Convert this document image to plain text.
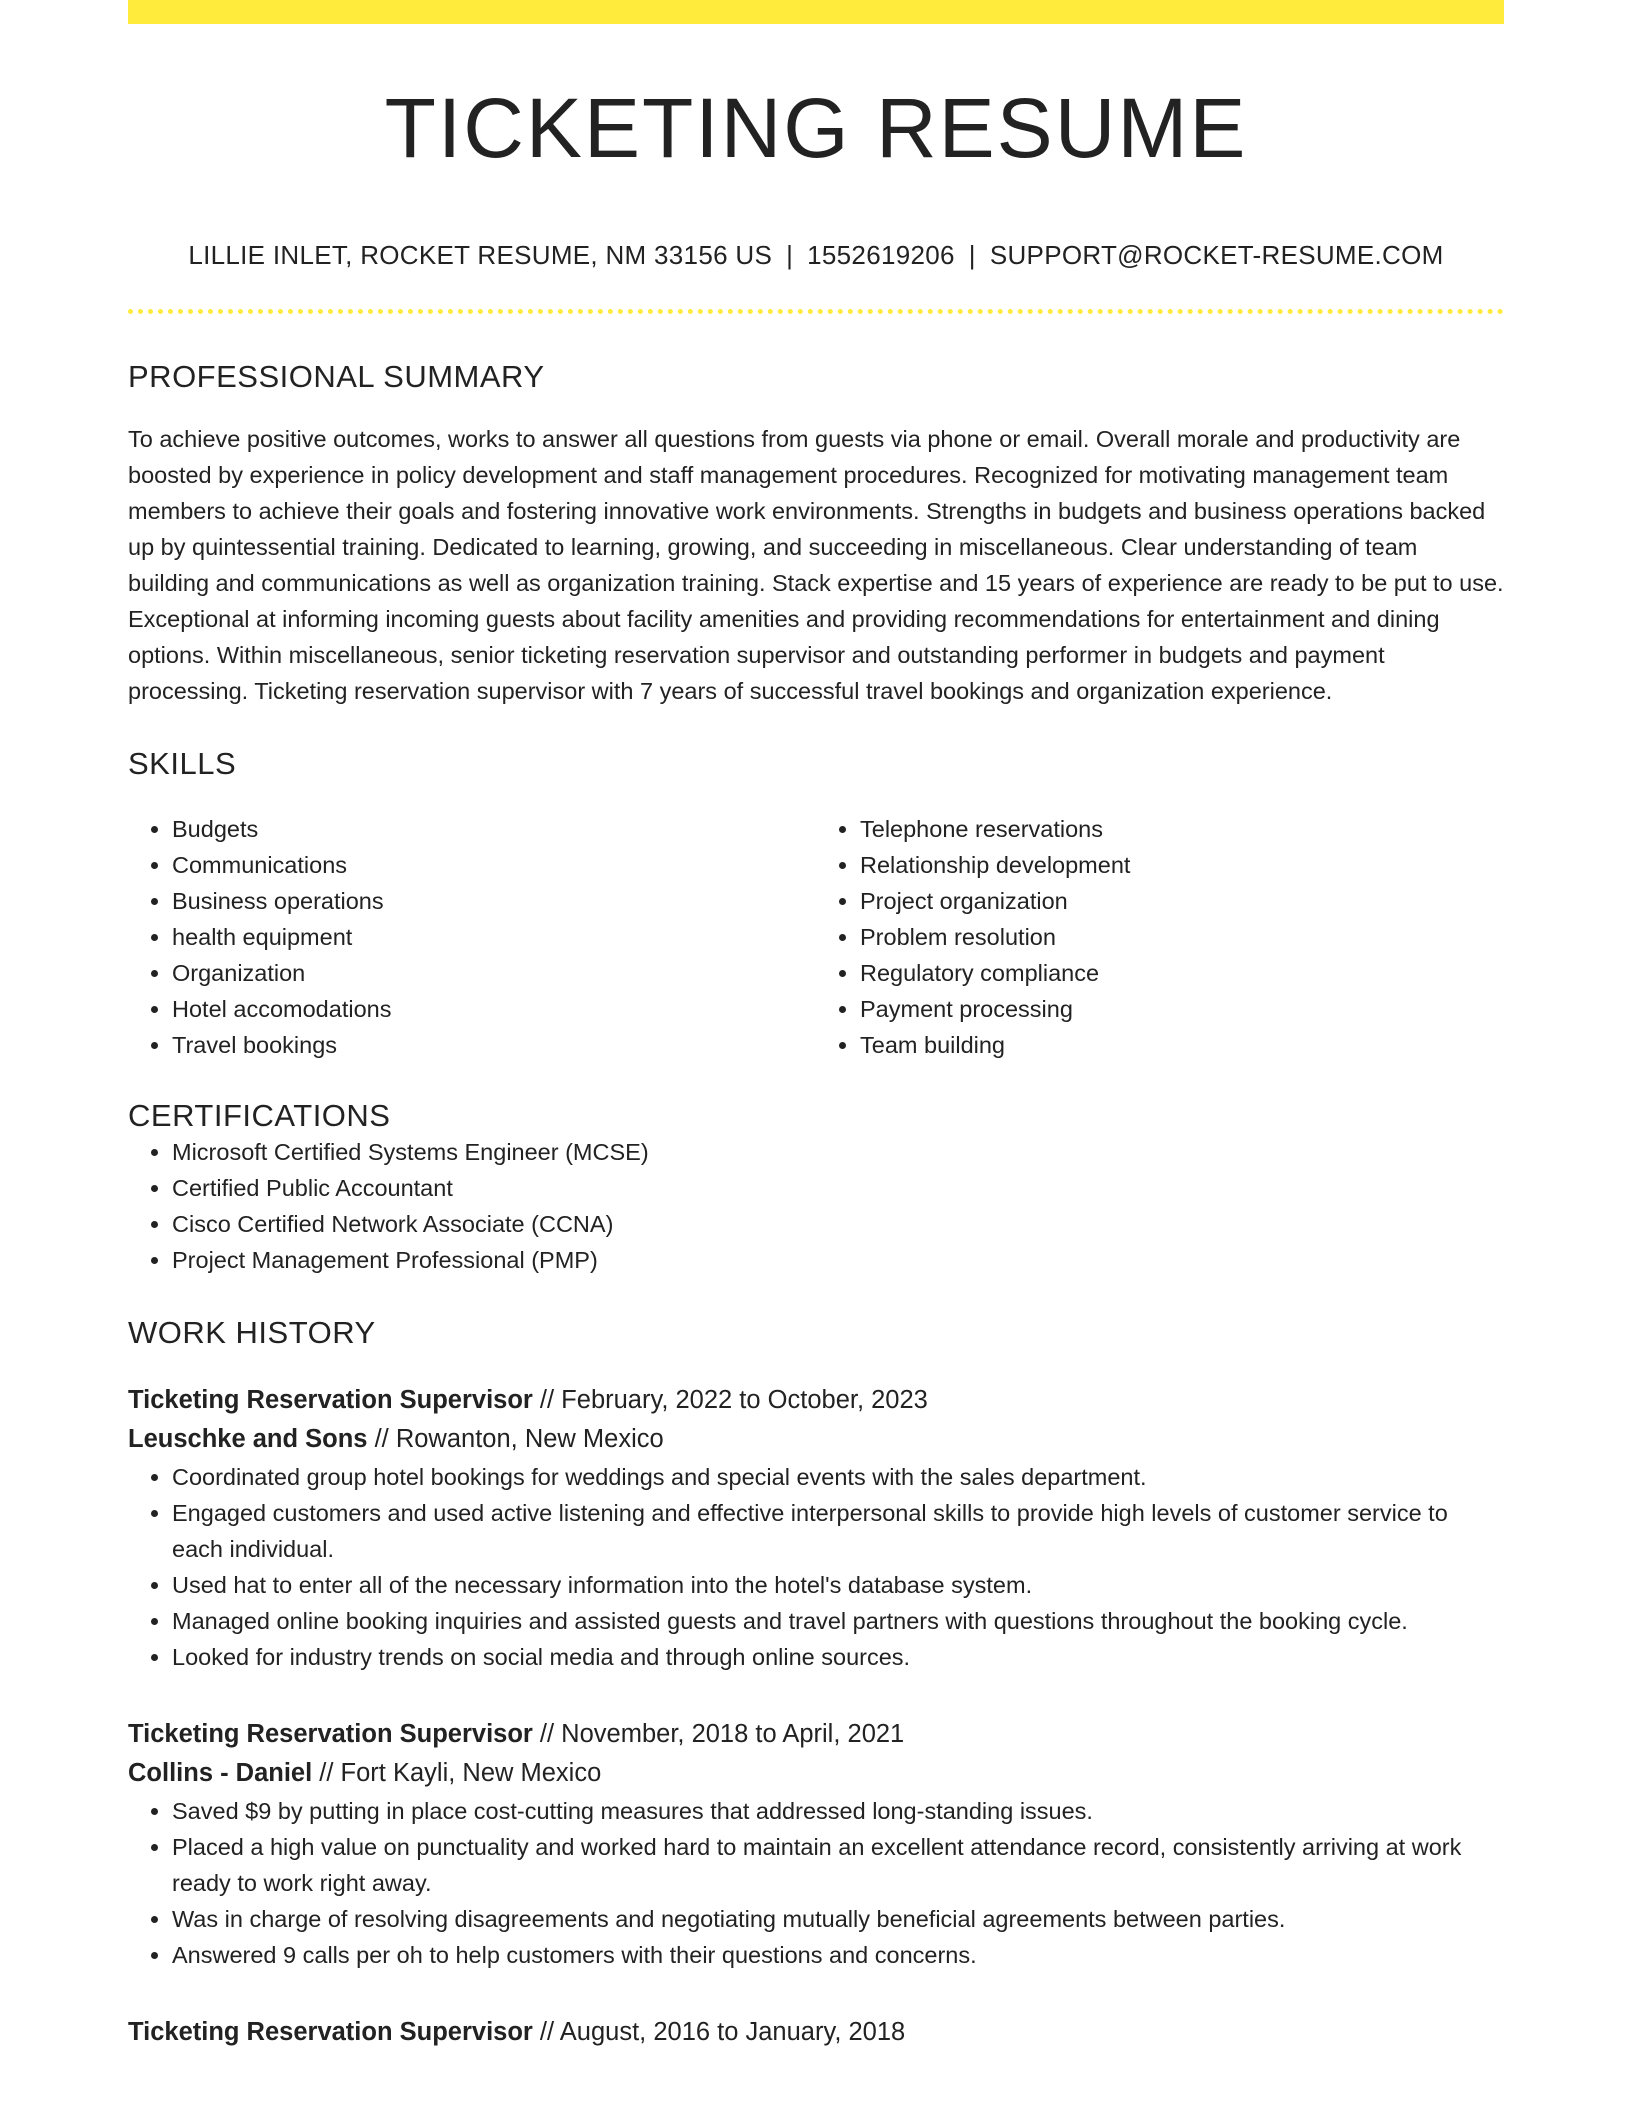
TICKETING RESUME
LILLIE INLET, ROCKET RESUME, NM 33156 US | 1552619206 | SUPPORT@ROCKET-RESUME.COM
PROFESSIONAL SUMMARY

To achieve positive outcomes, works to answer all questions from guests via phone or email. Overall morale and productivity are boosted by experience in policy development and staff management procedures. Recognized for motivating management team members to achieve their goals and fostering innovative work environments. Strengths in budgets and business operations backed up by quintessential training. Dedicated to learning, growing, and succeeding in miscellaneous. Clear understanding of team building and communications as well as organization training. Stack expertise and 15 years of experience are ready to be put to use. Exceptional at informing incoming guests about facility amenities and providing recommendations for entertainment and dining options. Within miscellaneous, senior ticketing reservation supervisor and outstanding performer in budgets and payment processing. Ticketing reservation supervisor with 7 years of successful travel bookings and organization experience.

SKILLS
• Budgets
• Communications
• Business operations
• health equipment
• Organization
• Hotel accomodations
• Travel bookings
• Telephone reservations
• Relationship development
• Project organization
• Problem resolution
• Regulatory compliance
• Payment processing
• Team building
CERTIFICATIONS
• Microsoft Certified Systems Engineer (MCSE)
• Certified Public Accountant
• Cisco Certified Network Associate (CCNA)
• Project Management Professional (PMP)
WORK HISTORY
Ticketing Reservation Supervisor // February, 2022 to October, 2023
Leuschke and Sons // Rowanton, New Mexico
• Coordinated group hotel bookings for weddings and special events with the sales department.
• Engaged customers and used active listening and effective interpersonal skills to provide high levels of customer service to each individual.
• Used hat to enter all of the necessary information into the hotel's database system.
• Managed online booking inquiries and assisted guests and travel partners with questions throughout the booking cycle.
• Looked for industry trends on social media and through online sources.
Ticketing Reservation Supervisor // November, 2018 to April, 2021
Collins - Daniel // Fort Kayli, New Mexico
• Saved $9 by putting in place cost-cutting measures that addressed long-standing issues.
• Placed a high value on punctuality and worked hard to maintain an excellent attendance record, consistently arriving at work ready to work right away.
• Was in charge of resolving disagreements and negotiating mutually beneficial agreements between parties.
• Answered 9 calls per oh to help customers with their questions and concerns.
Ticketing Reservation Supervisor // August, 2016 to January, 2018
